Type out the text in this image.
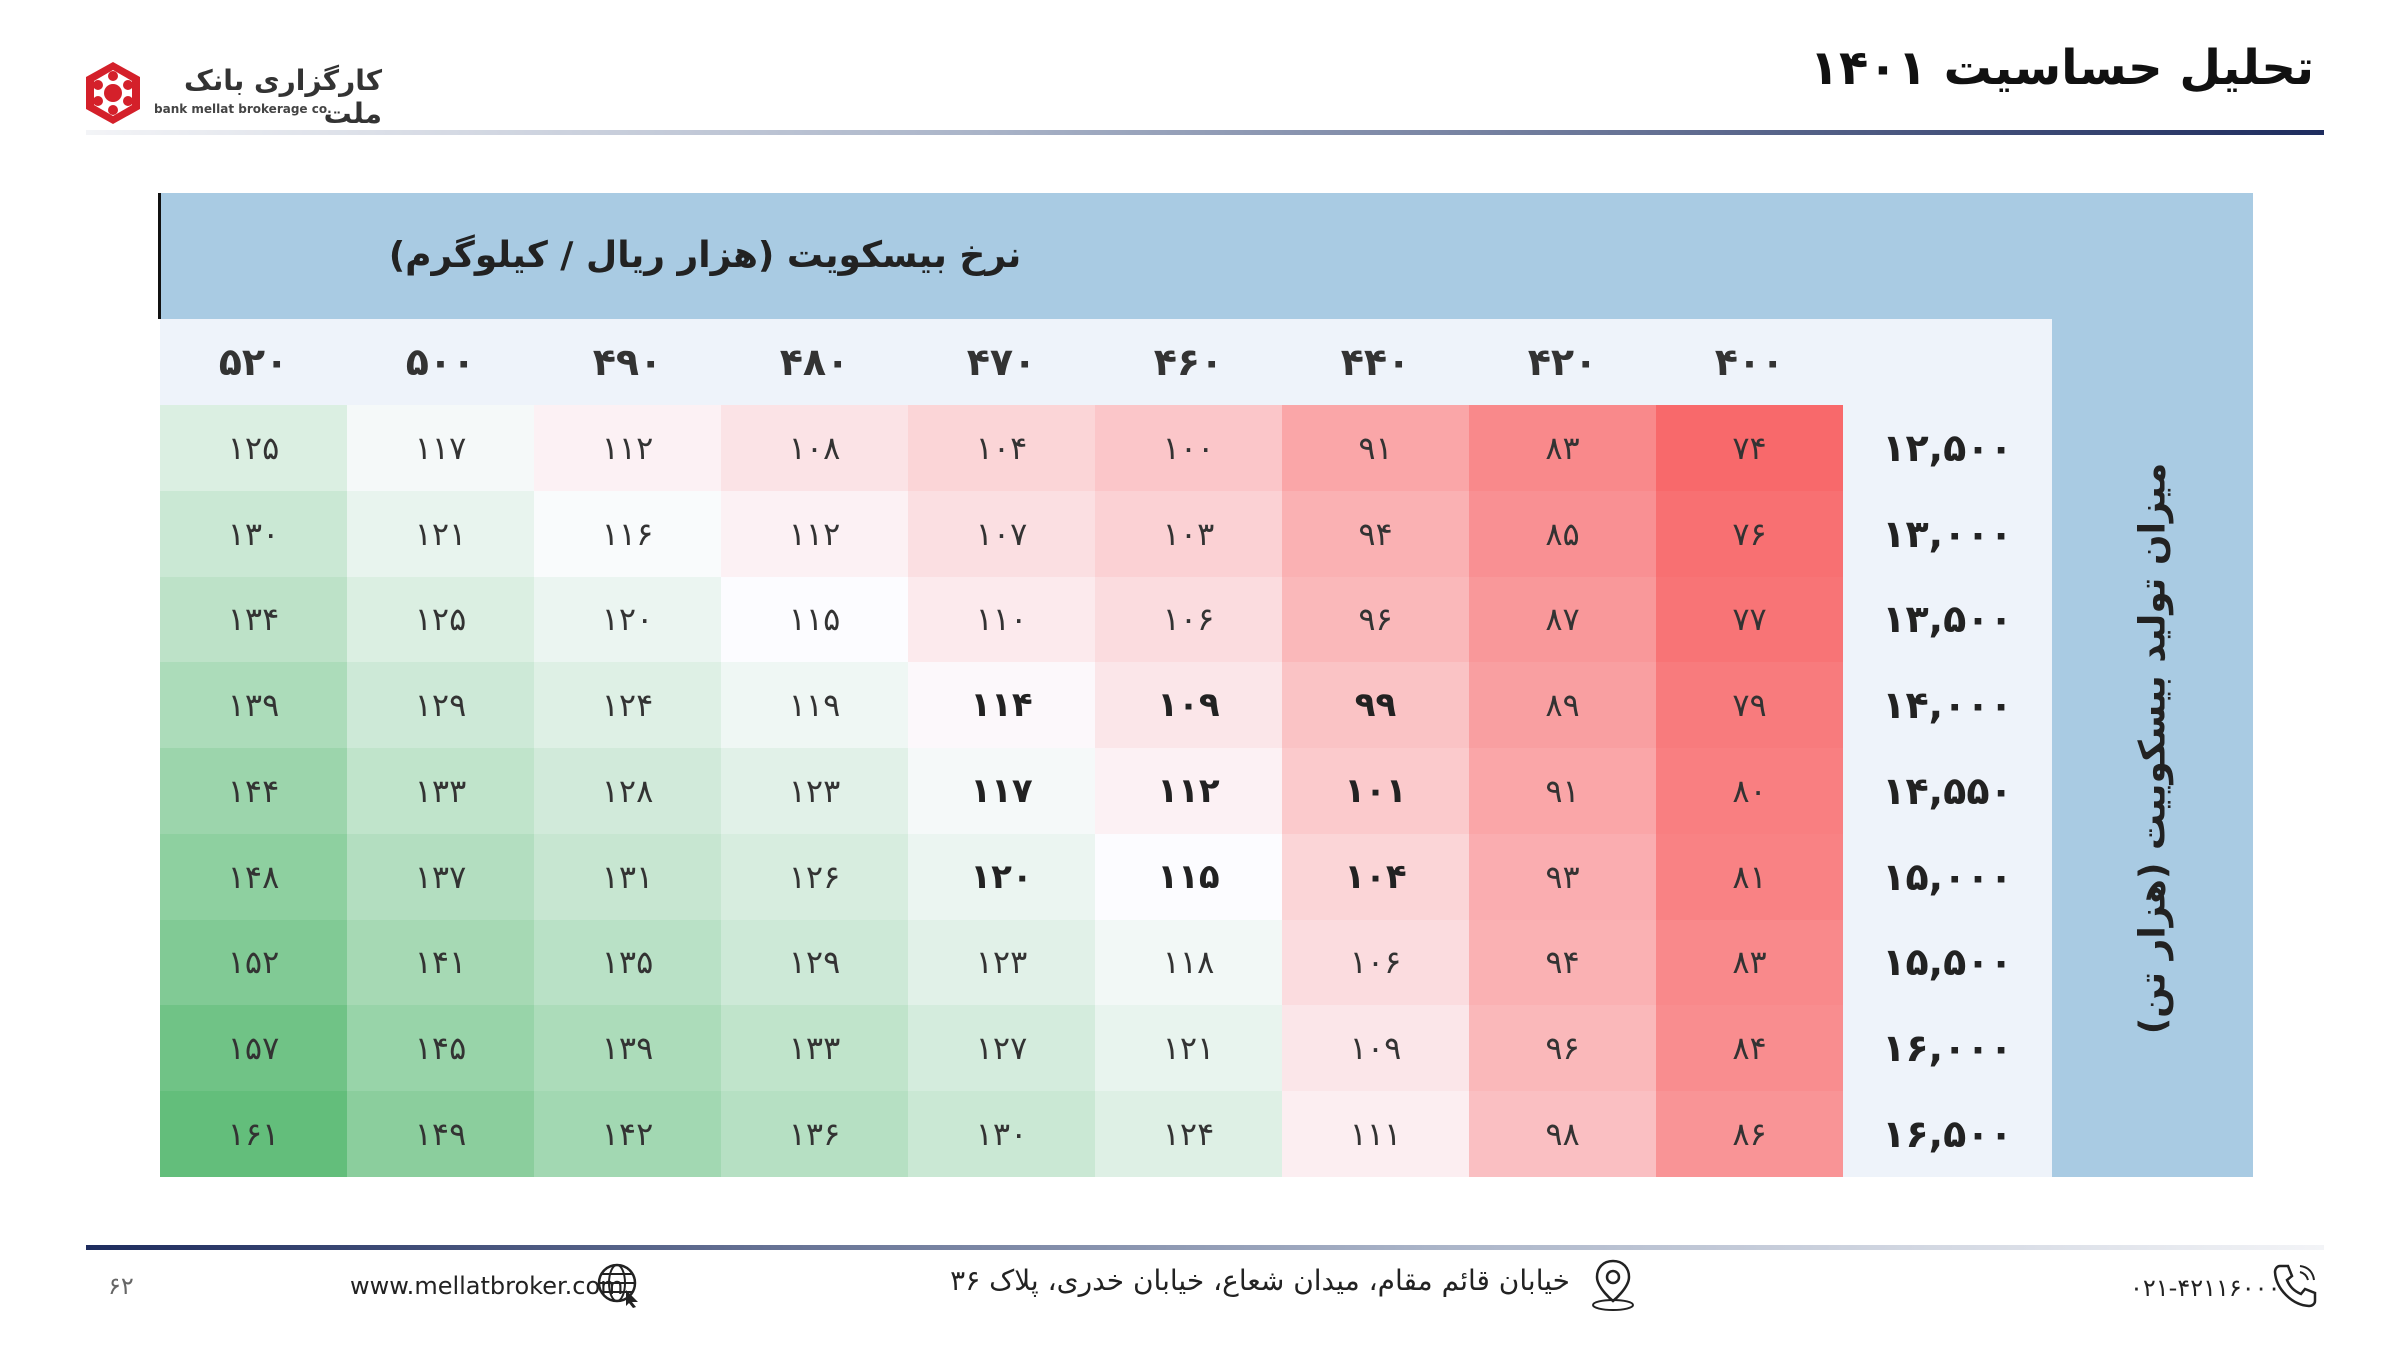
تحلیل حساسیت ۱۴۰۱
کارگزاری بانک ملت
bank mellat brokerage co.
نرخ بیسکویت (هزار ریال / کیلوگرم)
میزان تولید بیسکوییت (هزار تن)
۵۲۰	۵۰۰	۴۹۰	۴۸۰	۴۷۰	۴۶۰	۴۴۰	۴۲۰	۴۰۰	
۱۲۵	۱۱۷	۱۱۲	۱۰۸	۱۰۴	۱۰۰	۹۱	۸۳	۷۴	۱۲,۵۰۰
۱۳۰	۱۲۱	۱۱۶	۱۱۲	۱۰۷	۱۰۳	۹۴	۸۵	۷۶	۱۳,۰۰۰
۱۳۴	۱۲۵	۱۲۰	۱۱۵	۱۱۰	۱۰۶	۹۶	۸۷	۷۷	۱۳,۵۰۰
۱۳۹	۱۲۹	۱۲۴	۱۱۹	۱۱۴	۱۰۹	۹۹	۸۹	۷۹	۱۴,۰۰۰
۱۴۴	۱۳۳	۱۲۸	۱۲۳	۱۱۷	۱۱۲	۱۰۱	۹۱	۸۰	۱۴,۵۵۰
۱۴۸	۱۳۷	۱۳۱	۱۲۶	۱۲۰	۱۱۵	۱۰۴	۹۳	۸۱	۱۵,۰۰۰
۱۵۲	۱۴۱	۱۳۵	۱۲۹	۱۲۳	۱۱۸	۱۰۶	۹۴	۸۳	۱۵,۵۰۰
۱۵۷	۱۴۵	۱۳۹	۱۳۳	۱۲۷	۱۲۱	۱۰۹	۹۶	۸۴	۱۶,۰۰۰
۱۶۱	۱۴۹	۱۴۲	۱۳۶	۱۳۰	۱۲۴	۱۱۱	۹۸	۸۶	۱۶,۵۰۰
۶۲	www.mellatbroker.com	خیابان قائم مقام، میدان شعاع، خیابان خدری، پلاک ۳۶	۰۲۱-۴۲۱۱۶۰۰۰
